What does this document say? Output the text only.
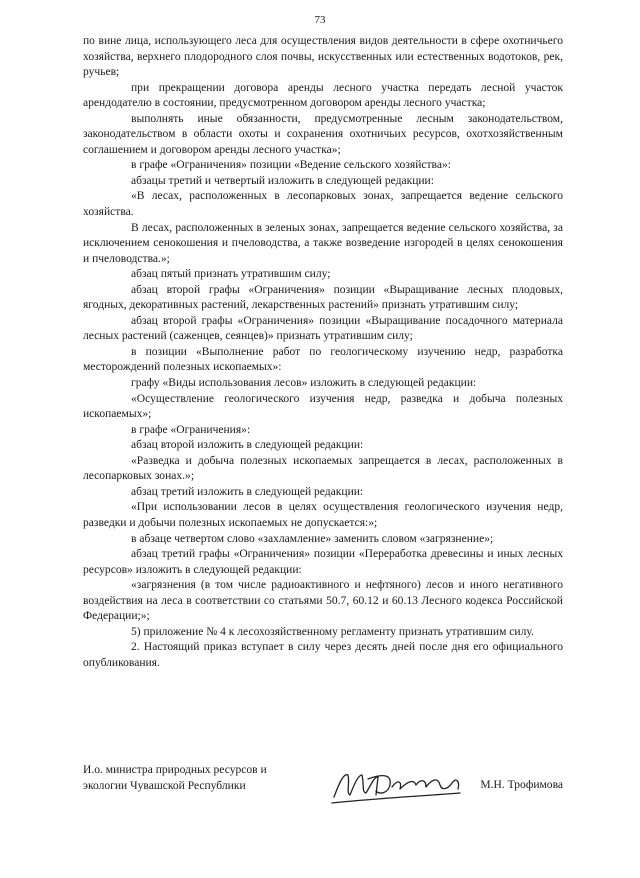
73

по вине лица, использующего леса для осуществления видов деятельности в сфере охотничьего хозяйства, верхнего плодородного слоя почвы, искусственных или естественных водотоков, рек, ручьев;

при прекращении договора аренды лесного участка передать лесной участок арендодателю в состоянии, предусмотренном договором аренды лесного участка;

выполнять иные обязанности, предусмотренные лесным законодательством, законодательством в области охоты и сохранения охотничьих ресурсов, охотхозяйственным соглашением и договором аренды лесного участка»;

в графе «Ограничения» позиции «Ведение сельского хозяйства»:

абзацы третий и четвертый изложить в следующей редакции:

«В лесах, расположенных в лесопарковых зонах, запрещается ведение сельского хозяйства.

В лесах, расположенных в зеленых зонах, запрещается ведение сельского хозяйства, за исключением сенокошения и пчеловодства, а также возведение изгородей в целях сенокошения и пчеловодства.»;

абзац пятый признать утратившим силу;

абзац второй графы «Ограничения» позиции «Выращивание лесных плодовых, ягодных, декоративных растений, лекарственных растений» признать утратившим силу;

абзац второй графы «Ограничения» позиции «Выращивание посадочного материала лесных растений (саженцев, сеянцев)» признать утратившим силу;

в позиции «Выполнение работ по геологическому изучению недр, разработка месторождений полезных ископаемых»:

графу «Виды использования лесов» изложить в следующей редакции:

«Осуществление геологического изучения недр, разведка и добыча полезных ископаемых»;

в графе «Ограничения»:

абзац второй изложить в следующей редакции:

«Разведка и добыча полезных ископаемых запрещается в лесах, расположенных в лесопарковых зонах.»;

абзац третий изложить в следующей редакции:

«При использовании лесов в целях осуществления геологического изучения недр, разведки и добычи полезных ископаемых не допускается:»;

в абзаце четвертом слово «захламление» заменить словом «загрязнение»;

абзац третий графы «Ограничения» позиции «Переработка древесины и иных лесных ресурсов» изложить в следующей редакции:

«загрязнения (в том числе радиоактивного и нефтяного) лесов и иного негативного воздействия на леса в соответствии со статьями 50.7, 60.12 и 60.13 Лесного кодекса Российской Федерации;»;

5) приложение № 4 к лесохозяйственному регламенту признать утратившим силу.

2. Настоящий приказ вступает в силу через десять дней после дня его официального опубликования.

И.о. министра природных ресурсов и
экологии Чувашской Республики	М.Н. Трофимова
